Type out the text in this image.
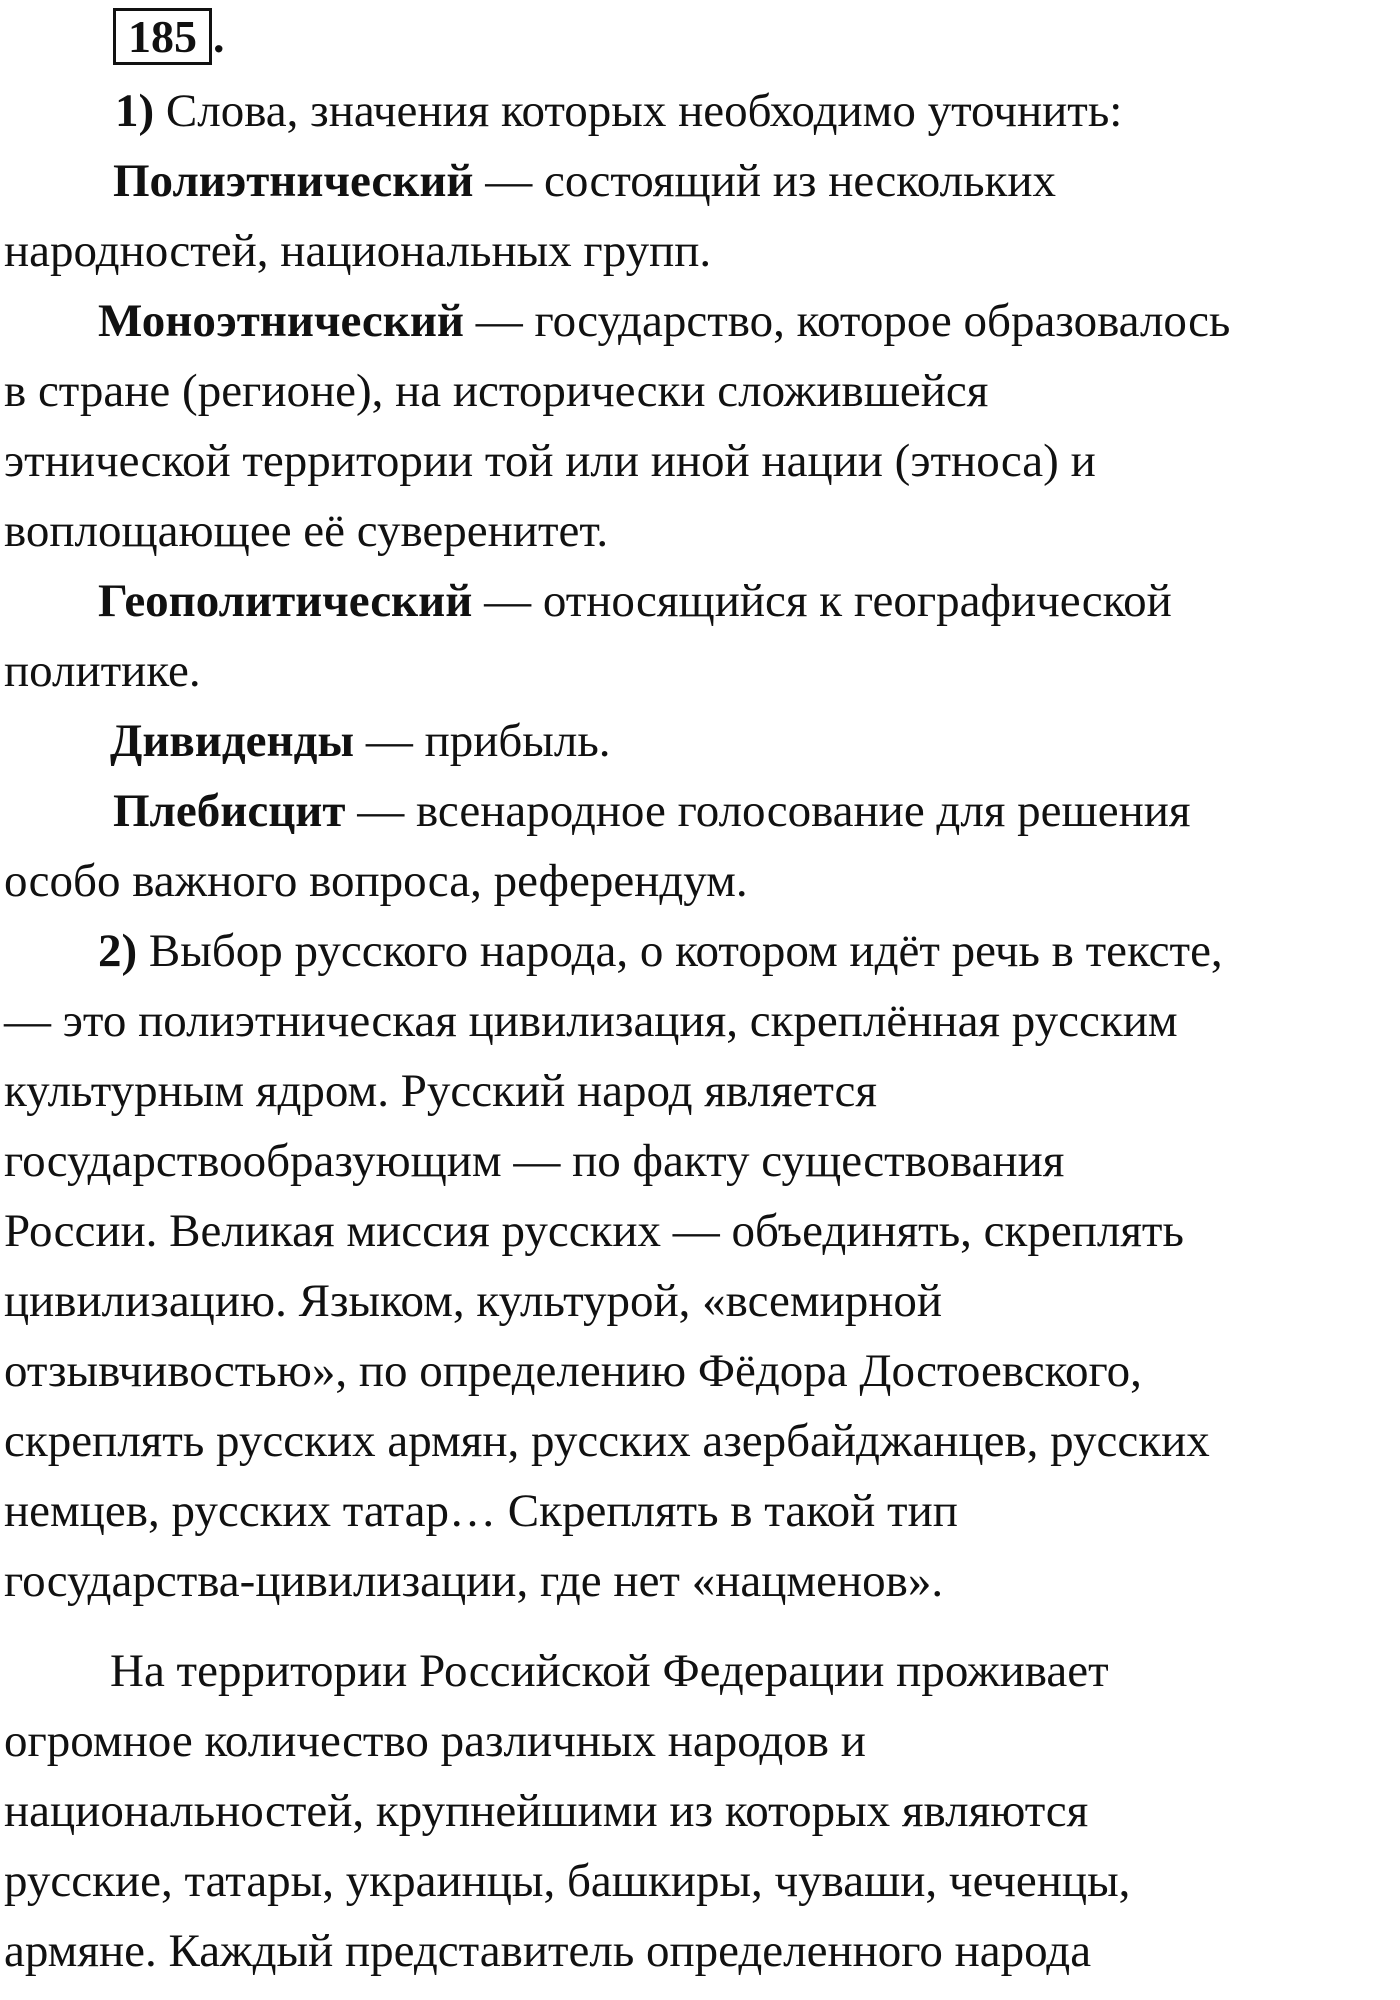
185 .
1) Слова, значения которых необходимо уточнить:
Полиэтнический — состоящий из нескольких
народностей, национальных групп.
Моноэтнический — государство, которое образовалось
в стране (регионе), на исторически сложившейся
этнической территории той или иной нации (этноса) и
воплощающее её суверенитет.
Геополитический — относящийся к географической
политике.
Дивиденды — прибыль.
Плебисцит — всенародное голосование для решения
особо важного вопроса, референдум.
2) Выбор русского народа, о котором идёт речь в тексте,
— это полиэтническая цивилизация, скреплённая русским
культурным ядром. Русский народ является
государствообразующим — по факту существования
России. Великая миссия русских — объединять, скреплять
цивилизацию. Языком, культурой, «всемирной
отзывчивостью», по определению Фёдора Достоевского,
скреплять русских армян, русских азербайджанцев, русских
немцев, русских татар… Скреплять в такой тип
государства-цивилизации, где нет «нацменов».
На территории Российской Федерации проживает
огромное количество различных народов и
национальностей, крупнейшими из которых являются
русские, татары, украинцы, башкиры, чуваши, чеченцы,
армяне. Каждый представитель определенного народа
